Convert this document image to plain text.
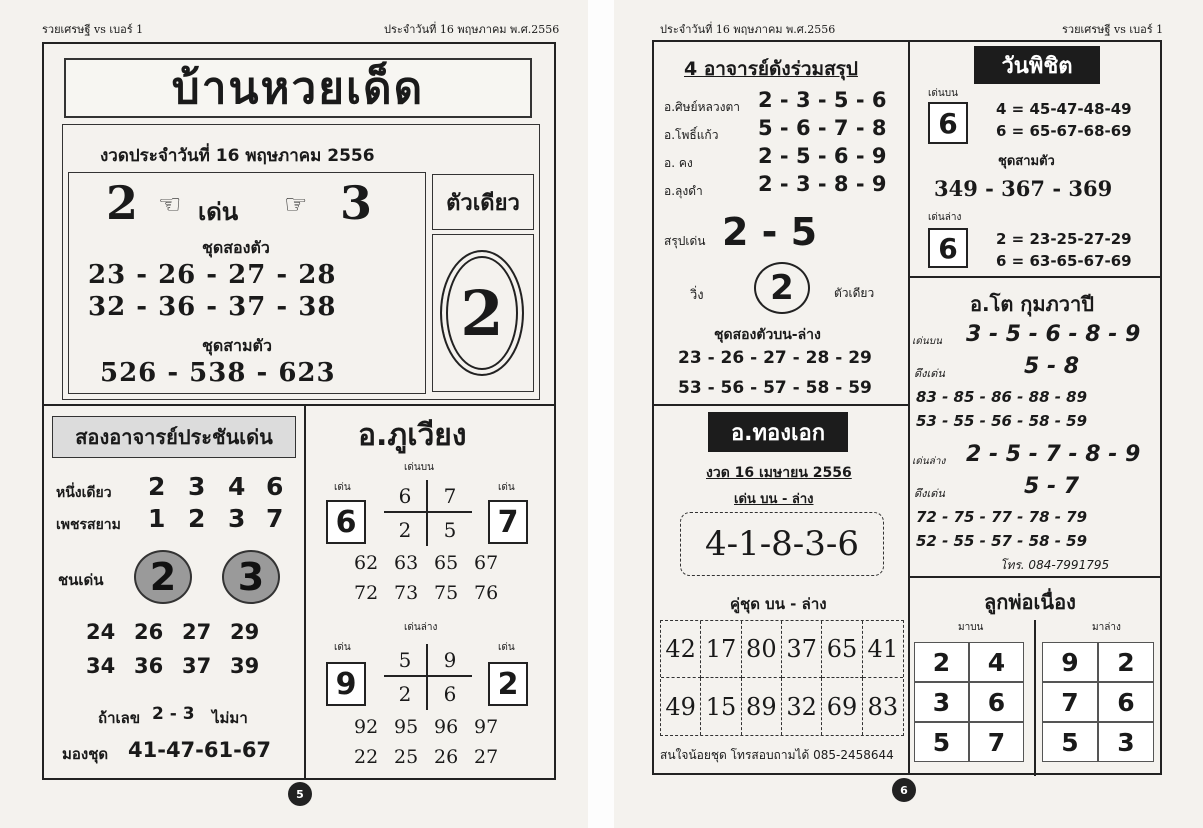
รวยเศรษฐี vs เบอร์ 1	ประจำวันที่ 16 พฤษภาคม พ.ศ.2556
บ้านหวยเด็ด
งวดประจำวันที่ 16 พฤษภาคม 2556
2 ☜ เด่น ☞ 3
ชุดสองตัว
23 - 26 - 27 - 28
32 - 36 - 37 - 38
ชุดสามตัว
526 - 538 - 623
ตัวเดียว
2
สองอาจารย์ประชันเด่น
หนึ่งเดียว 2 3 4 6
เพชรสยาม 1 2 3 7
ชนเด่น 2 3
24 26 27 29
34 36 37 39
ถ้าเลข 2 - 3 ไม่มา
มองชุด 41-47-61-67
อ.ภูเวียง
เด่นบน
เด่น
6
เด่น
7
6	7
2	5
62 63 65 67
72 73 75 76
เด่นล่าง
เด่น
9
เด่น
2
5	9
2	6
92 95 96 97
22 25 26 27
5
ประจำวันที่ 16 พฤษภาคม พ.ศ.2556	รวยเศรษฐี vs เบอร์ 1
4 อาจารย์ดังร่วมสรุป
อ.ศิษย์หลวงตา 2 - 3 - 5 - 6
อ.โพธิ์แก้ว 5 - 6 - 7 - 8
อ. คง	2 - 5 - 6 - 9
อ.ลุงดำ	2 - 3 - 8 - 9
สรุปเด่น 2 - 5
วิ่ง 2	ตัวเดียว
ชุดสองตัวบน-ล่าง
23 - 26 - 27 - 28 - 29
53 - 56 - 57 - 58 - 59
วันพิชิต
เด่นบน
6	4 = 45-47-48-49
6 = 65-67-68-69
ชุดสามตัว
349 - 367 - 369
เด่นล่าง
6	2 = 23-25-27-29
6 = 63-65-67-69
อ.โต กุมภวาปี
เด่นบน 3 - 5 - 6 - 8 - 9
ดึงเด่น	5 - 8
83 - 85 - 86 - 88 - 89
53 - 55 - 56 - 58 - 59
เด่นล่าง 2 - 5 - 7 - 8 - 9
ดึงเด่น	5 - 7
72 - 75 - 77 - 78 - 79
52 - 55 - 57 - 58 - 59
โทร. 084-7991795
อ.ทองเอก
งวด 16 เมษายน 2556
เด่น บน - ล่าง
4-1-8-3-6
คู่ชุด บน - ล่าง
42 17 80 37 65 41
49 15 89 32 69 83
สนใจน้อยชุด โทรสอบถามได้ 085-2458644
ลูกพ่อเนื่อง
มาบน	มาล่าง
2	4
3	6
5	7
9	2
7	6
5	3
6
